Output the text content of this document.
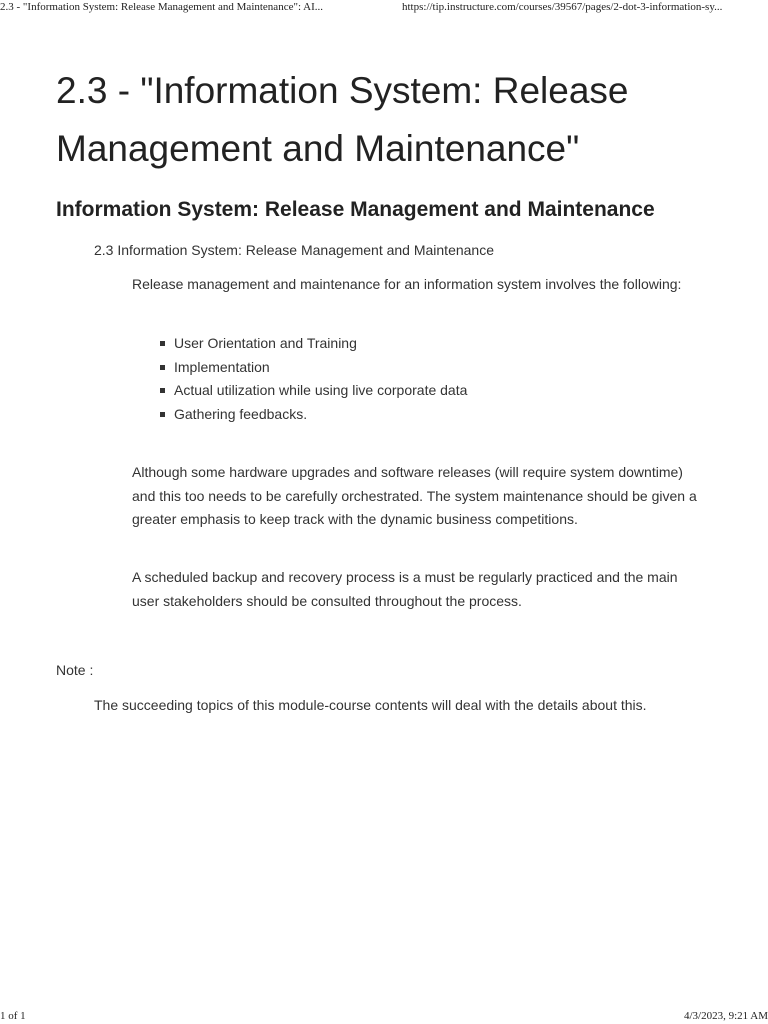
2.3 - "Information System: Release Management and Maintenance": AI...	https://tip.instructure.com/courses/39567/pages/2-dot-3-information-sy...
2.3 - "Information System: Release Management and Maintenance"
Information System: Release Management and Maintenance

2.3 Information System: Release Management and Maintenance

Release management and maintenance for an information system involves the following:

User Orientation and Training
Implementation
Actual utilization while using live corporate data
Gathering feedbacks.

Although some hardware upgrades and software releases (will require system downtime) and this too needs to be carefully orchestrated. The system maintenance should be given a greater emphasis to keep track with the dynamic business competitions.

A scheduled backup and recovery process is a must be regularly practiced and the main user stakeholders should be consulted throughout the process.

Note :

The succeeding topics of this module-course contents will deal with the details about this.

1 of 1	4/3/2023, 9:21 AM
